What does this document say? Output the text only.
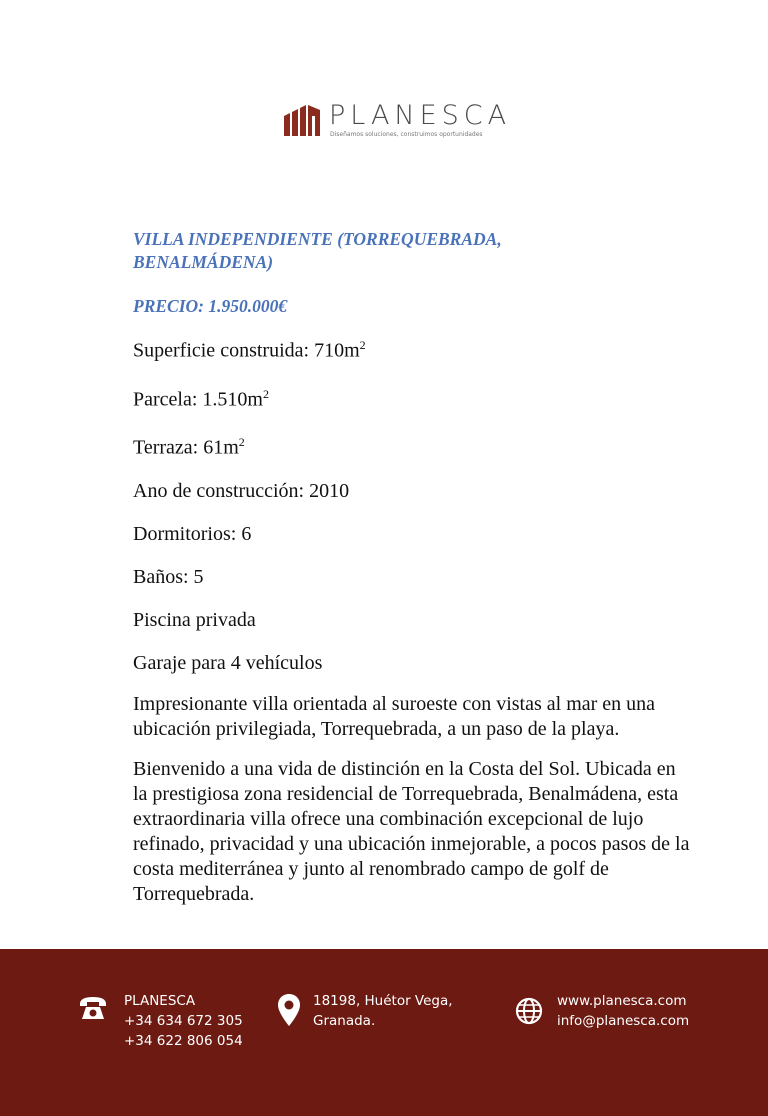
PLANESCA
Diseñamos soluciones, construimos oportunidades
VILLA INDEPENDIENTE (TORREQUEBRADA, BENALMÁDENA)
PRECIO: 1.950.000€
Superficie construida: $710m^2$
Parcela: $1.510m^2$
Terraza: $61m^2$
Ano de construcción: 2010
Dormitorios: 6
Baños: 5
Piscina privada
Garaje para 4 vehículos

Impresionante villa orientada al suroeste con vistas al mar en una ubicación privilegiada, Torrequebrada, a un paso de la playa.

Bienvenido a una vida de distinción en la Costa del Sol. Ubicada en la prestigiosa zona residencial de Torrequebrada, Benalmádena, esta extraordinaria villa ofrece una combinación excepcional de lujo refinado, privacidad y una ubicación inmejorable, a pocos pasos de la costa mediterránea y junto al renombrado campo de golf de Torrequebrada.

PLANESCA
+34 634 672 305
+34 622 806 054
18198, Huétor Vega,
Granada.
www.planesca.com
info@planesca.com
